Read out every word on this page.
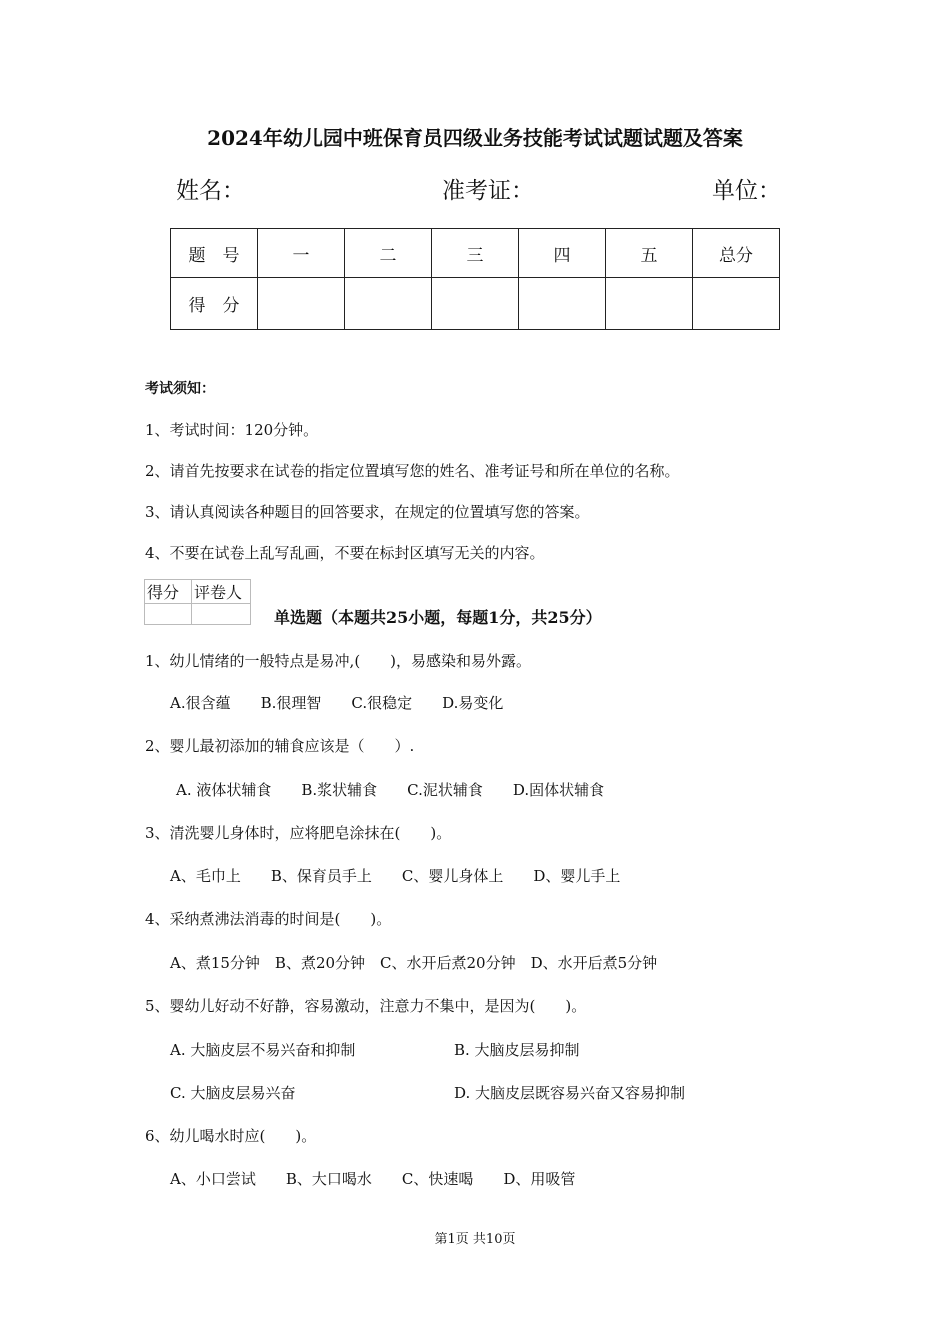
2024年幼儿园中班保育员四级业务技能考试试题试题及答案
姓名：	准考证：	单位：
题　号	一	二	三	四	五	总分
得　分						
考试须知：
1、考试时间：120分钟。
2、请首先按要求在试卷的指定位置填写您的姓名、准考证号和所在单位的名称。
3、请认真阅读各种题目的回答要求，在规定的位置填写您的答案。
4、不要在试卷上乱写乱画，不要在标封区填写无关的内容。
得分	评卷人

单选题（本题共25小题，每题1分，共25分）
1、幼儿情绪的一般特点是易冲,(　　)，易感染和易外露。
A.很含蕴　　B.很理智　　C.很稳定　　D.易变化
2、婴儿最初添加的辅食应该是（　　）.
A. 液体状辅食　　B.浆状辅食　　C.泥状辅食　　D.固体状辅食
3、清洗婴儿身体时，应将肥皂涂抹在(　　)。
A、毛巾上　　B、保育员手上　　C、婴儿身体上　　D、婴儿手上
4、采纳煮沸法消毒的时间是(　　)。
A、煮15分钟　B、煮20分钟　C、水开后煮20分钟　D、水开后煮5分钟
5、婴幼儿好动不好静，容易激动，注意力不集中，是因为(　　)。
A. 大脑皮层不易兴奋和抑制	B. 大脑皮层易抑制
C. 大脑皮层易兴奋	D. 大脑皮层既容易兴奋又容易抑制
6、幼儿喝水时应(　　)。
A、小口尝试　　B、大口喝水　　C、快速喝　　D、用吸管
第1页 共10页
